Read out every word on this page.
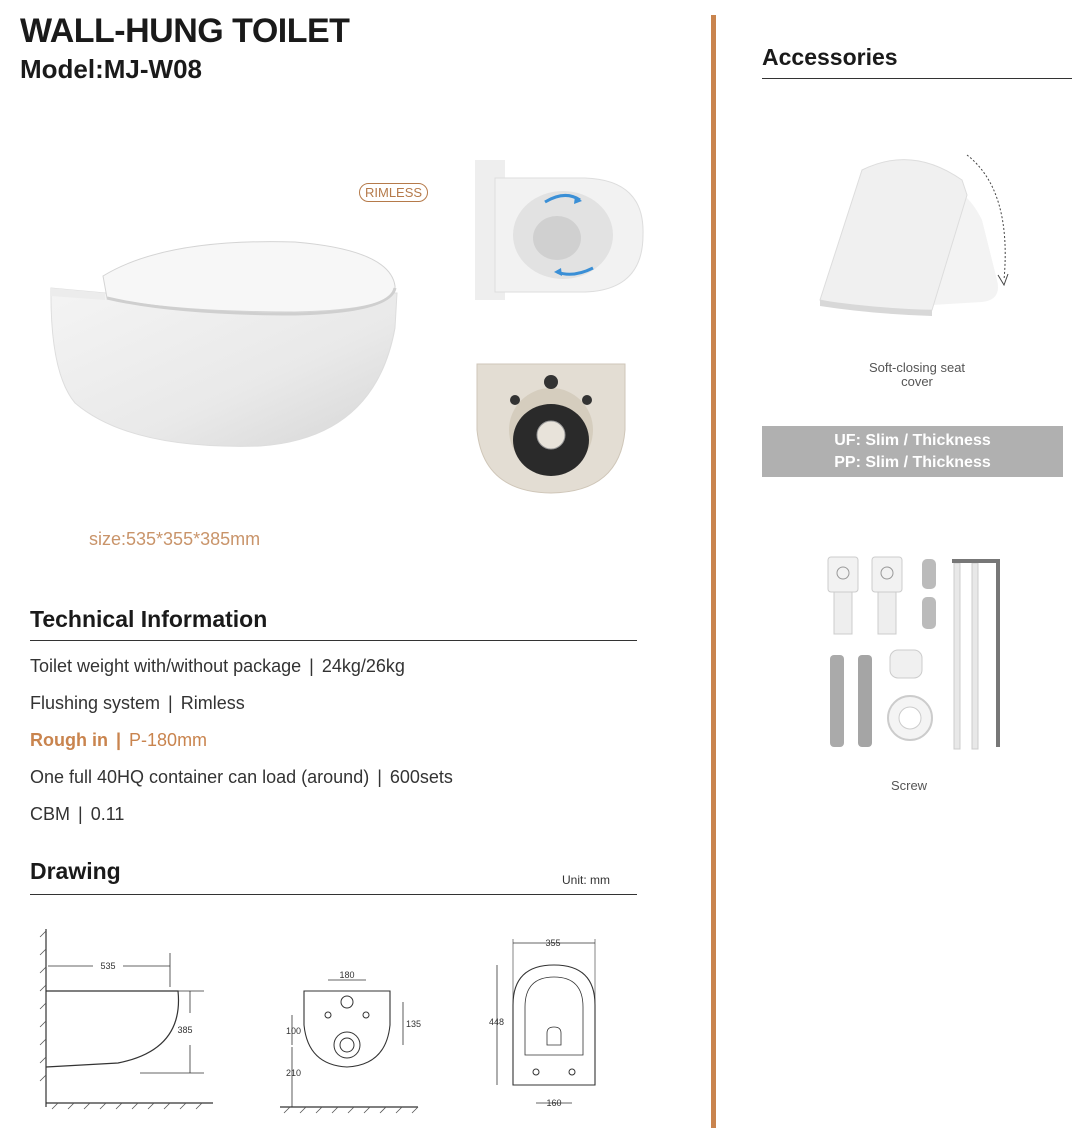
WALL-HUNG TOILET
Model:MJ-W08
RIMLESS
size:535*355*385mm
Technical Information
Toilet weight with/without package | 24kg/26kg
Flushing system | Rimless
Rough in | P-180mm
One full 40HQ container can load (around) | 600sets
CBM | 0.11
Drawing	Unit: mm
535
385
180
135
100
210
355
448
160
Accessories
Soft-closing seat
cover
UF: Slim / Thickness
PP: Slim / Thickness
Screw
